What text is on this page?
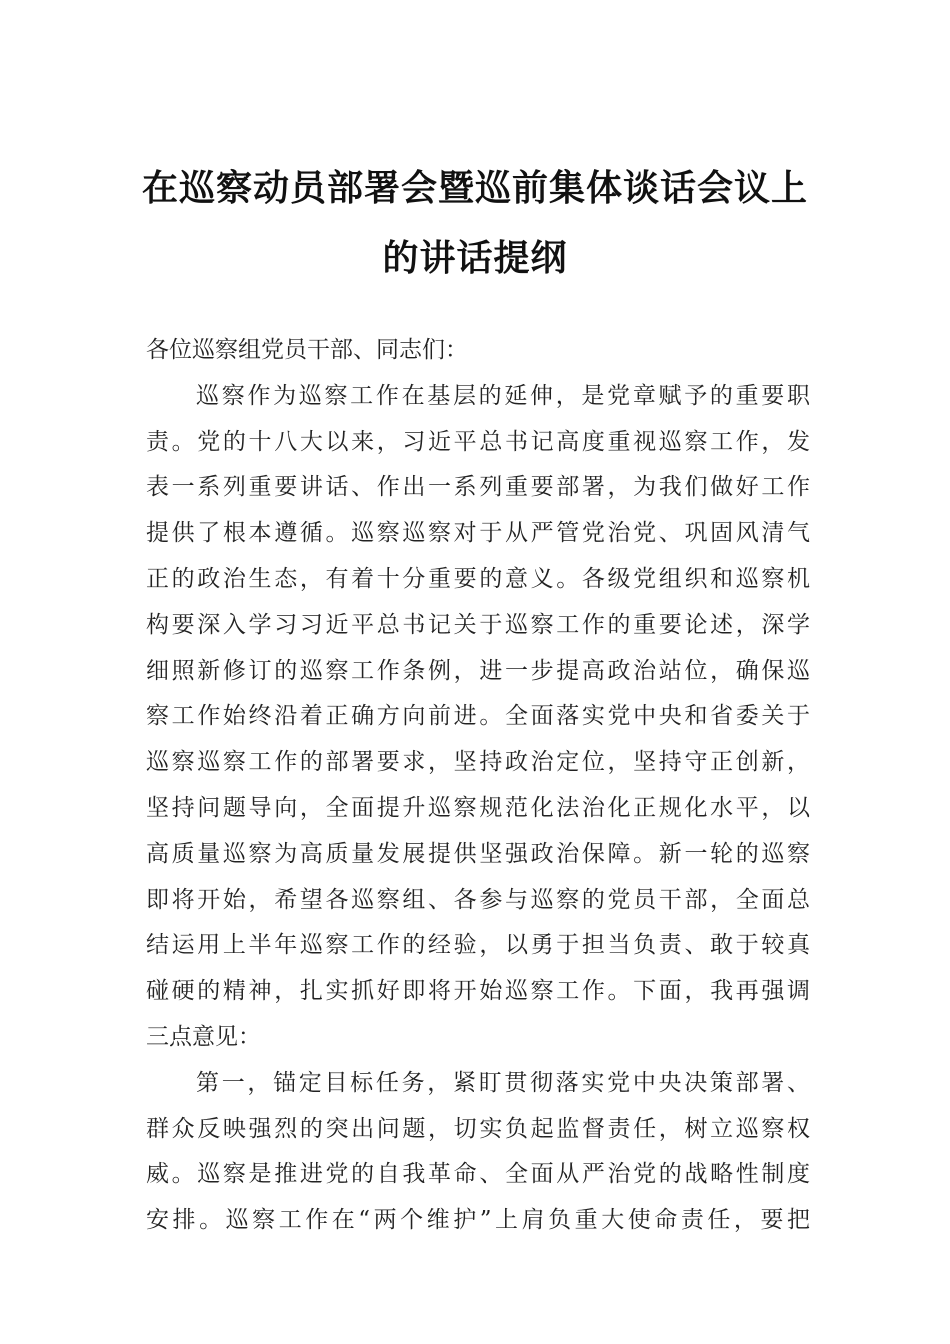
在巡察动员部署会暨巡前集体谈话会议上
的讲话提纲
各位巡察组党员干部、同志们：
巡察作为巡察工作在基层的延伸，是党章赋予的重要职
责。党的十八大以来，习近平总书记高度重视巡察工作，发
表一系列重要讲话、作出一系列重要部署，为我们做好工作
提供了根本遵循。巡察巡察对于从严管党治党、巩固风清气
正的政治生态，有着十分重要的意义。各级党组织和巡察机
构要深入学习习近平总书记关于巡察工作的重要论述，深学
细照新修订的巡察工作条例，进一步提高政治站位，确保巡
察工作始终沿着正确方向前进。全面落实党中央和省委关于
巡察巡察工作的部署要求，坚持政治定位，坚持守正创新，
坚持问题导向，全面提升巡察规范化法治化正规化水平，以
高质量巡察为高质量发展提供坚强政治保障。新一轮的巡察
即将开始，希望各巡察组、各参与巡察的党员干部，全面总
结运用上半年巡察工作的经验，以勇于担当负责、敢于较真
碰硬的精神，扎实抓好即将开始巡察工作。下面，我再强调
三点意见：
第一，锚定目标任务，紧盯贯彻落实党中央决策部署、
群众反映强烈的突出问题，切实负起监督责任，树立巡察权
威。巡察是推进党的自我革命、全面从严治党的战略性制度
安排。巡察工作在“两个维护”上肩负重大使命责任，要把
